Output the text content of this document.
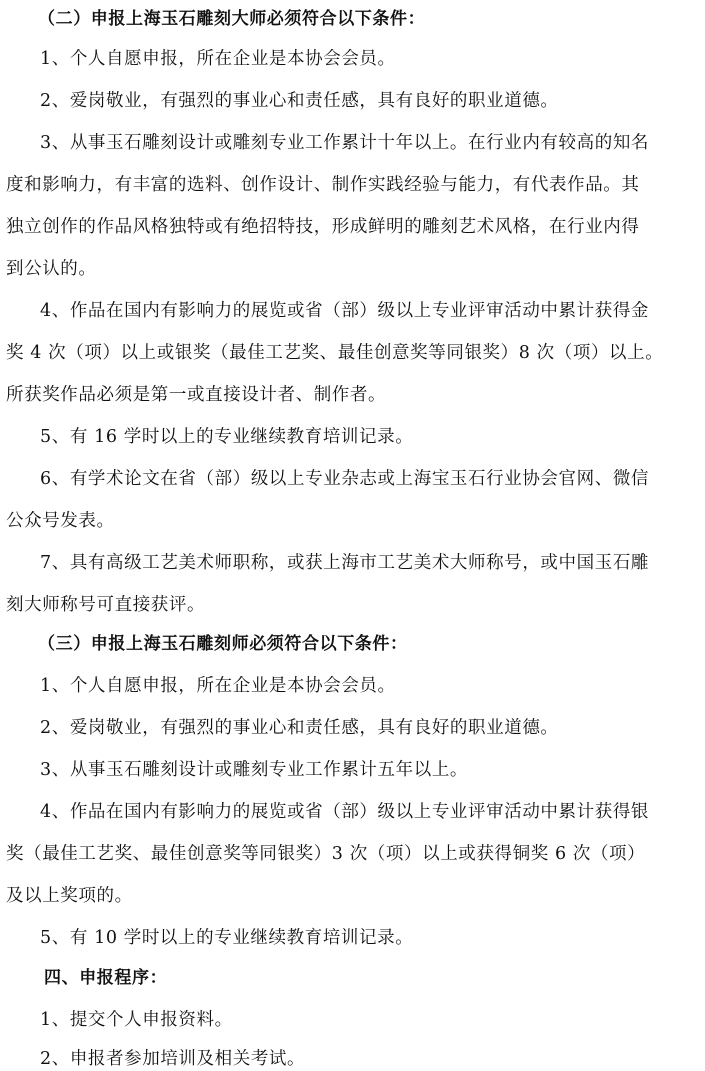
（二）申报上海玉石雕刻大师必须符合以下条件：
1、个人自愿申报，所在企业是本协会会员。
2、爱岗敬业，有强烈的事业心和责任感，具有良好的职业道德。
3、从事玉石雕刻设计或雕刻专业工作累计十年以上。在行业内有较高的知名
度和影响力，有丰富的选料、创作设计、制作实践经验与能力，有代表作品。其
独立创作的作品风格独特或有绝招特技，形成鲜明的雕刻艺术风格，在行业内得
到公认的。
4、作品在国内有影响力的展览或省（部）级以上专业评审活动中累计获得金
奖 4 次（项）以上或银奖（最佳工艺奖、最佳创意奖等同银奖）8 次（项）以上。
所获奖作品必须是第一或直接设计者、制作者。
5、有 16 学时以上的专业继续教育培训记录。
6、有学术论文在省（部）级以上专业杂志或上海宝玉石行业协会官网、微信
公众号发表。
7、具有高级工艺美术师职称，或获上海市工艺美术大师称号，或中国玉石雕
刻大师称号可直接获评。
（三）申报上海玉石雕刻师必须符合以下条件：
1、个人自愿申报，所在企业是本协会会员。
2、爱岗敬业，有强烈的事业心和责任感，具有良好的职业道德。
3、从事玉石雕刻设计或雕刻专业工作累计五年以上。
4、作品在国内有影响力的展览或省（部）级以上专业评审活动中累计获得银
奖（最佳工艺奖、最佳创意奖等同银奖）3 次（项）以上或获得铜奖 6 次（项）
及以上奖项的。
5、有 10 学时以上的专业继续教育培训记录。
四、申报程序：
1、提交个人申报资料。
2、申报者参加培训及相关考试。
